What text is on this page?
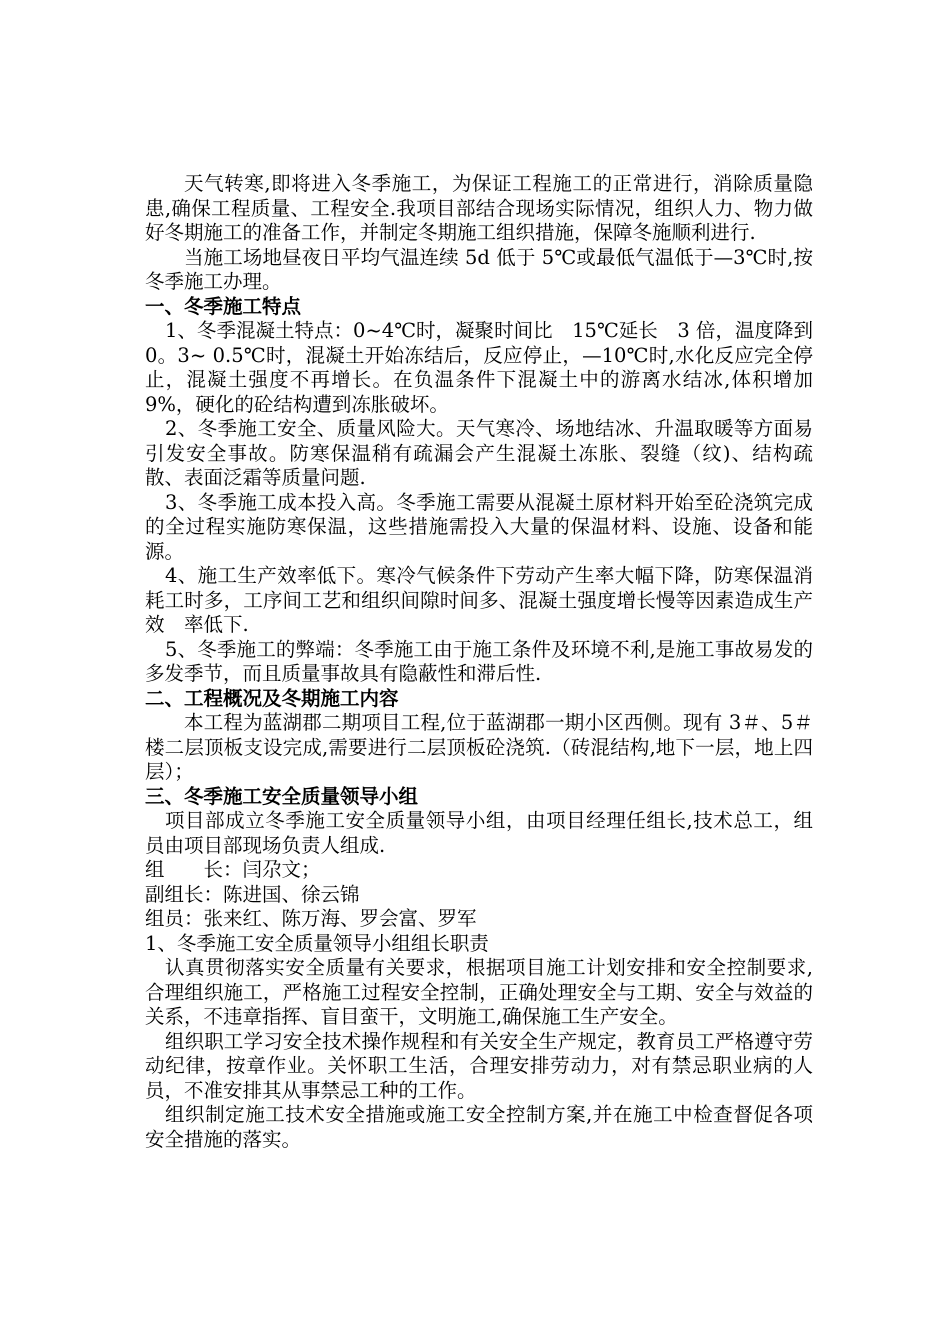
天气转寒,即将进入冬季施工，为保证工程施工的正常进行，消除质量隐患,确保工程质量、工程安全.我项目部结合现场实际情况，组织人力、物力做好冬期施工的准备工作，并制定冬期施工组织措施，保障冬施顺利进行.

当施工场地昼夜日平均气温连续 5d 低于 5℃或最低气温低于—3℃时,按冬季施工办理。

一、冬季施工特点

1、冬季混凝土特点：0~4℃时，凝聚时间比　15℃延长　3 倍，温度降到　0。3~ 0.5℃时，混凝土开始冻结后，反应停止，—10℃时,水化反应完全停止，混凝土强度不再增长。在负温条件下混凝土中的游离水结冰,体积增加 9%，硬化的砼结构遭到冻胀破坏。

2、冬季施工安全、质量风险大。天气寒冷、场地结冰、升温取暖等方面易引发安全事故。防寒保温稍有疏漏会产生混凝土冻胀、裂缝（纹)、结构疏散、表面泛霜等质量问题.

3、冬季施工成本投入高。冬季施工需要从混凝土原材料开始至砼浇筑完成的全过程实施防寒保温，这些措施需投入大量的保温材料、设施、设备和能源。

4、施工生产效率低下。寒冷气候条件下劳动产生率大幅下降，防寒保温消　耗工时多，工序间工艺和组织间隙时间多、混凝土强度增长慢等因素造成生产效　率低下.

5、冬季施工的弊端：冬季施工由于施工条件及环境不利,是施工事故易发的多发季节，而且质量事故具有隐蔽性和滞后性.

二、工程概况及冬期施工内容

本工程为蓝湖郡二期项目工程,位于蓝湖郡一期小区西侧。现有 3＃、5＃楼二层顶板支设完成,需要进行二层顶板砼浇筑.（砖混结构,地下一层，地上四层）；

三、冬季施工安全质量领导小组

项目部成立冬季施工安全质量领导小组，由项目经理任组长,技术总工，组员由项目部现场负责人组成.

组　　长：闫尕文；

副组长：陈进国、徐云锦

组员：张来红、陈万海、罗会富、罗军

1、冬季施工安全质量领导小组组长职责

认真贯彻落实安全质量有关要求，根据项目施工计划安排和安全控制要求,合理组织施工，严格施工过程安全控制，正确处理安全与工期、安全与效益的关系，不违章指挥、盲目蛮干，文明施工,确保施工生产安全。

组织职工学习安全技术操作规程和有关安全生产规定，教育员工严格遵守劳动纪律，按章作业。关怀职工生活，合理安排劳动力，对有禁忌职业病的人员，不准安排其从事禁忌工种的工作。

组织制定施工技术安全措施或施工安全控制方案,并在施工中检查督促各项安全措施的落实。
